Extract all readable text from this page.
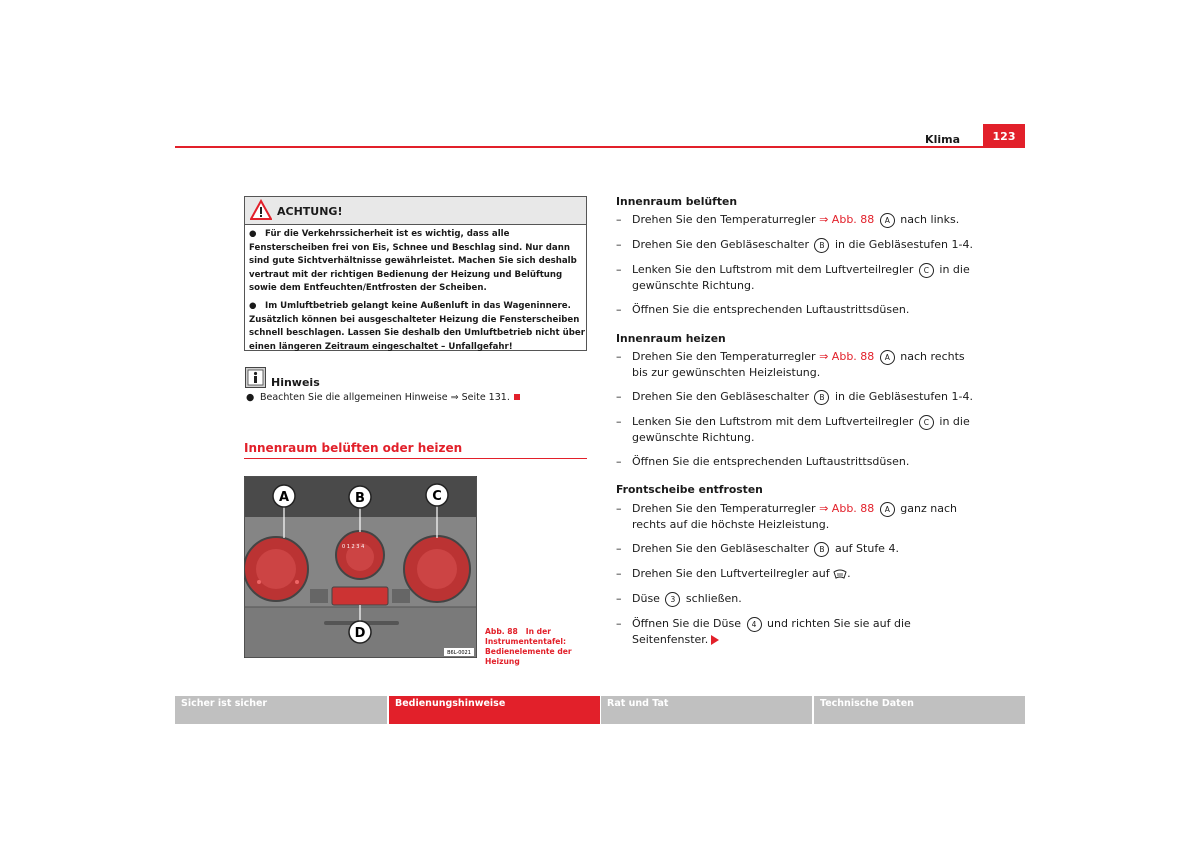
Klima	123
ACHTUNG!

● Für die Verkehrssicherheit ist es wichtig, dass alle Fensterscheiben frei von Eis, Schnee und Beschlag sind. Nur dann sind gute Sichtverhältnisse gewährleistet. Machen Sie sich deshalb vertraut mit der richtigen Bedienung der Heizung und Belüftung sowie dem Entfeuchten/Entfrosten der Scheiben.

● Im Umluftbetrieb gelangt keine Außenluft in das Wageninnere. Zusätzlich können bei ausgeschalteter Heizung die Fensterscheiben schnell beschlagen. Lassen Sie deshalb den Umluftbetrieb nicht über einen längeren Zeitraum eingeschaltet – Unfallgefahr!

Hinweis
● Beachten Sie die allgemeinen Hinweise ⇒ Seite 131.
Innenraum belüften oder heizen
0 1 2 3 4
A	B	C
D
B6L-0021
Abb. 88 In der Instrumententafel: Bedienelemente der Heizung
Innenraum belüften
– Drehen Sie den Temperaturregler ⇒ Abb. 88 A nach links.
– Drehen Sie den Gebläseschalter B in die Gebläsestufen 1-4.
– Lenken Sie den Luftstrom mit dem Luftverteilregler C in die gewünschte Richtung.
– Öffnen Sie die entsprechenden Luftaustrittsdüsen.
Innenraum heizen
– Drehen Sie den Temperaturregler ⇒ Abb. 88 A nach rechts bis zur gewünschten Heizleistung.
– Drehen Sie den Gebläseschalter B in die Gebläsestufen 1-4.
– Lenken Sie den Luftstrom mit dem Luftverteilregler C in die gewünschte Richtung.
– Öffnen Sie die entsprechenden Luftaustrittsdüsen.
Frontscheibe entfrosten
– Drehen Sie den Temperaturregler ⇒ Abb. 88 A ganz nach rechts auf die höchste Heizleistung.
– Drehen Sie den Gebläseschalter B auf Stufe 4.
– Drehen Sie den Luftverteilregler auf .
– Düse 3 schließen.
– Öffnen Sie die Düse 4 und richten Sie sie auf die Seitenfenster.
Sicher ist sicher	Bedienungshinweise	Rat und Tat	Technische Daten
